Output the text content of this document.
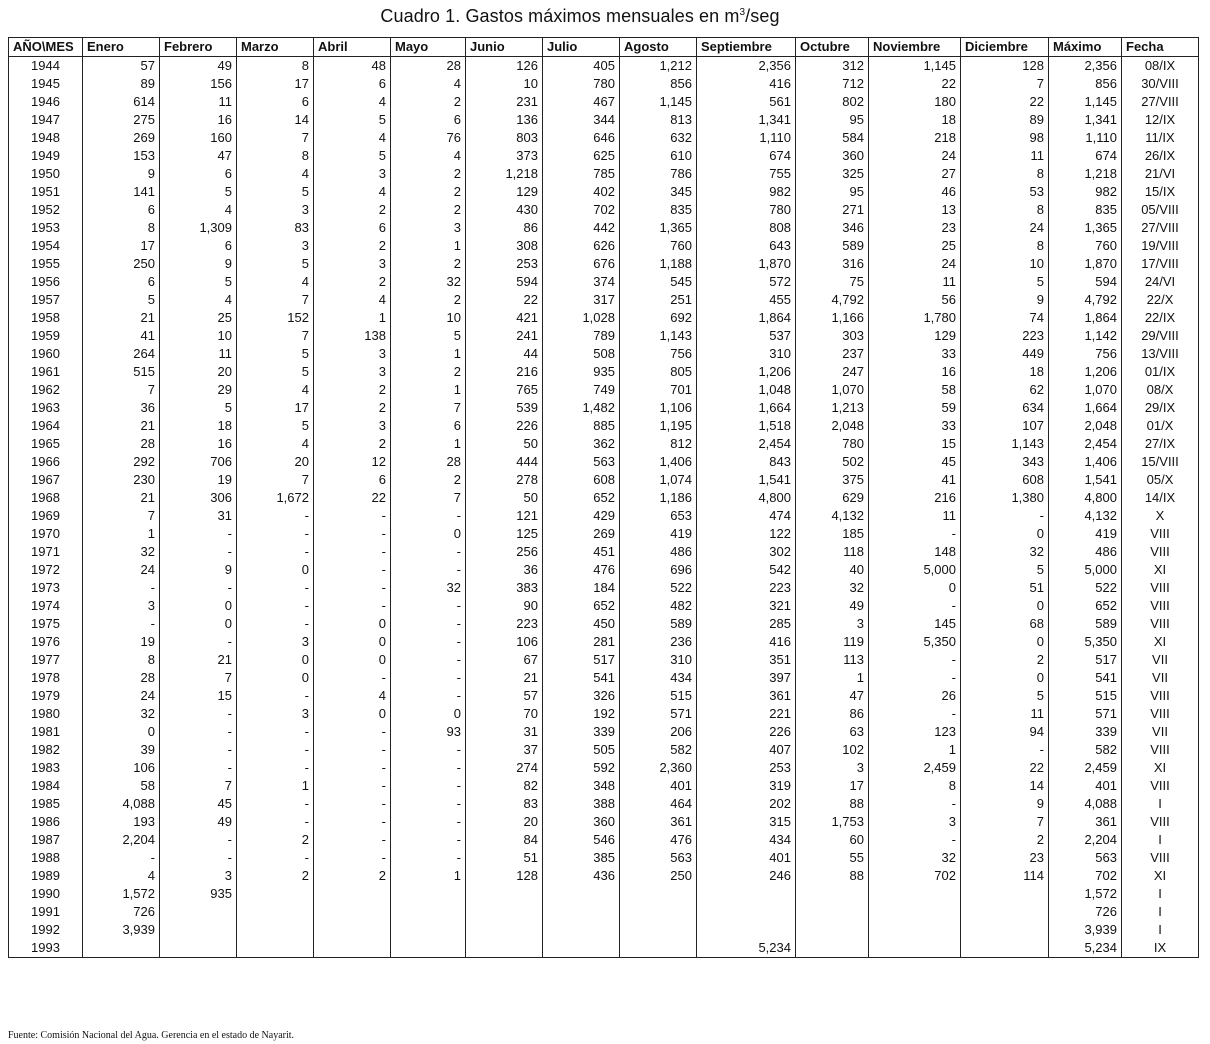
Cuadro 1. Gastos máximos mensuales en $m^3$/seg
AÑO\MES	Enero	Febrero	Marzo	Abril	Mayo	Junio	Julio	Agosto	Septiembre	Octubre	Noviembre	Diciembre	Máximo	Fecha
1944	57	49	8	48	28	126	405	1,212	2,356	312	1,145	128	2,356	08/IX
1945	89	156	17	6	4	10	780	856	416	712	22	7	856	30/VIII
1946	614	11	6	4	2	231	467	1,145	561	802	180	22	1,145	27/VIII
1947	275	16	14	5	6	136	344	813	1,341	95	18	89	1,341	12/IX
1948	269	160	7	4	76	803	646	632	1,110	584	218	98	1,110	11/IX
1949	153	47	8	5	4	373	625	610	674	360	24	11	674	26/IX
1950	9	6	4	3	2	1,218	785	786	755	325	27	8	1,218	21/VI
1951	141	5	5	4	2	129	402	345	982	95	46	53	982	15/IX
1952	6	4	3	2	2	430	702	835	780	271	13	8	835	05/VIII
1953	8	1,309	83	6	3	86	442	1,365	808	346	23	24	1,365	27/VIII
1954	17	6	3	2	1	308	626	760	643	589	25	8	760	19/VIII
1955	250	9	5	3	2	253	676	1,188	1,870	316	24	10	1,870	17/VIII
1956	6	5	4	2	32	594	374	545	572	75	11	5	594	24/VI
1957	5	4	7	4	2	22	317	251	455	4,792	56	9	4,792	22/X
1958	21	25	152	1	10	421	1,028	692	1,864	1,166	1,780	74	1,864	22/IX
1959	41	10	7	138	5	241	789	1,143	537	303	129	223	1,142	29/VIII
1960	264	11	5	3	1	44	508	756	310	237	33	449	756	13/VIII
1961	515	20	5	3	2	216	935	805	1,206	247	16	18	1,206	01/IX
1962	7	29	4	2	1	765	749	701	1,048	1,070	58	62	1,070	08/X
1963	36	5	17	2	7	539	1,482	1,106	1,664	1,213	59	634	1,664	29/IX
1964	21	18	5	3	6	226	885	1,195	1,518	2,048	33	107	2,048	01/X
1965	28	16	4	2	1	50	362	812	2,454	780	15	1,143	2,454	27/IX
1966	292	706	20	12	28	444	563	1,406	843	502	45	343	1,406	15/VIII
1967	230	19	7	6	2	278	608	1,074	1,541	375	41	608	1,541	05/X
1968	21	306	1,672	22	7	50	652	1,186	4,800	629	216	1,380	4,800	14/IX
1969	7	31	-	-	-	121	429	653	474	4,132	11	-	4,132	X
1970	1	-	-	-	0	125	269	419	122	185	-	0	419	VIII
1971	32	-	-	-	-	256	451	486	302	118	148	32	486	VIII
1972	24	9	0	-	-	36	476	696	542	40	5,000	5	5,000	XI
1973	-	-	-	-	32	383	184	522	223	32	0	51	522	VIII
1974	3	0	-	-	-	90	652	482	321	49	-	0	652	VIII
1975	-	0	-	0	-	223	450	589	285	3	145	68	589	VIII
1976	19	-	3	0	-	106	281	236	416	119	5,350	0	5,350	XI
1977	8	21	0	0	-	67	517	310	351	113	-	2	517	VII
1978	28	7	0	-	-	21	541	434	397	1	-	0	541	VII
1979	24	15	-	4	-	57	326	515	361	47	26	5	515	VIII
1980	32	-	3	0	0	70	192	571	221	86	-	11	571	VIII
1981	0	-	-	-	93	31	339	206	226	63	123	94	339	VII
1982	39	-	-	-	-	37	505	582	407	102	1	-	582	VIII
1983	106	-	-	-	-	274	592	2,360	253	3	2,459	22	2,459	XI
1984	58	7	1	-	-	82	348	401	319	17	8	14	401	VIII
1985	4,088	45	-	-	-	83	388	464	202	88	-	9	4,088	I
1986	193	49	-	-	-	20	360	361	315	1,753	3	7	361	VIII
1987	2,204	-	2	-	-	84	546	476	434	60	-	2	2,204	I
1988	-	-	-	-	-	51	385	563	401	55	32	23	563	VIII
1989	4	3	2	2	1	128	436	250	246	88	702	114	702	XI
1990	1,572	935											1,572	I
1991	726												726	I
1992	3,939												3,939	I
1993									5,234				5,234	IX
Fuente: Comisión Nacional del Agua. Gerencia en el estado de Nayarit.
